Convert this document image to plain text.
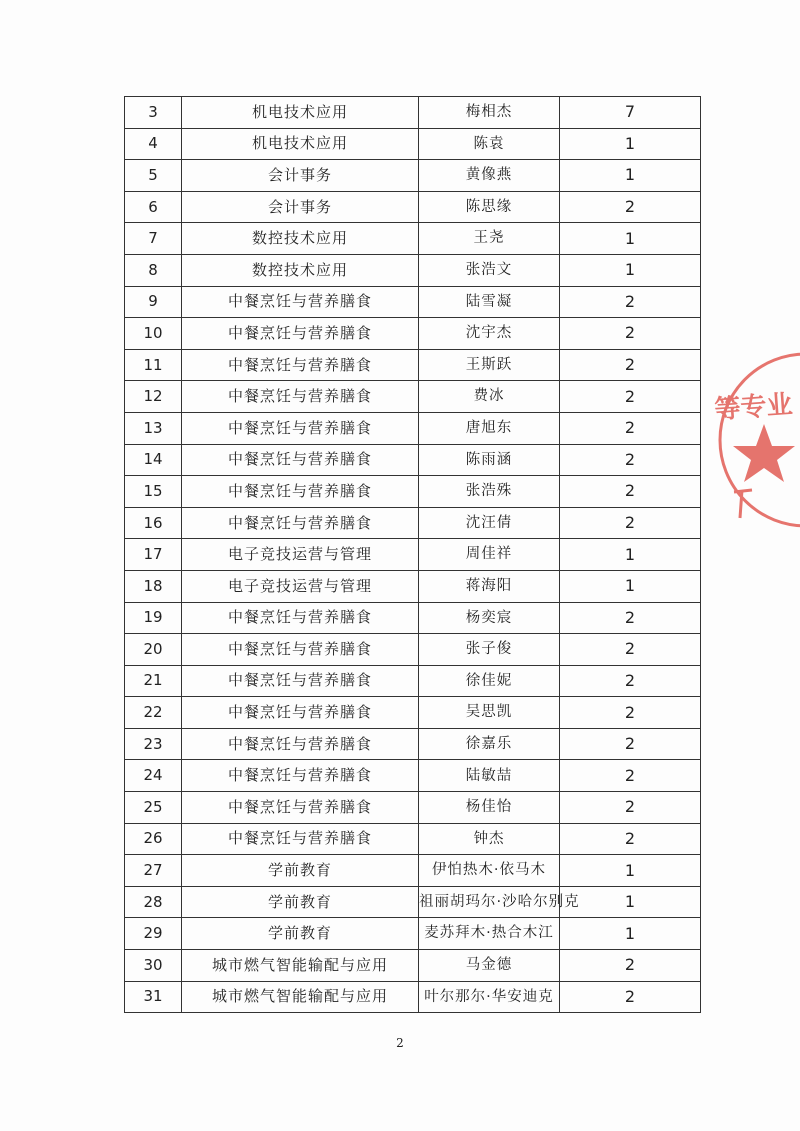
3	机电技术应用	梅相杰	7
4	机电技术应用	陈袁	1
5	会计事务	黄像燕	1
6	会计事务	陈思缘	2
7	数控技术应用	王尧	1
8	数控技术应用	张浩文	1
9	中餐烹饪与营养膳食	陆雪凝	2
10	中餐烹饪与营养膳食	沈宇杰	2
11	中餐烹饪与营养膳食	王斯跃	2
12	中餐烹饪与营养膳食	费冰	2
13	中餐烹饪与营养膳食	唐旭东	2
14	中餐烹饪与营养膳食	陈雨涵	2
15	中餐烹饪与营养膳食	张浩殊	2
16	中餐烹饪与营养膳食	沈汪倩	2
17	电子竞技运营与管理	周佳祥	1
18	电子竞技运营与管理	蒋海阳	1
19	中餐烹饪与营养膳食	杨奕宸	2
20	中餐烹饪与营养膳食	张子俊	2
21	中餐烹饪与营养膳食	徐佳妮	2
22	中餐烹饪与营养膳食	吴思凯	2
23	中餐烹饪与营养膳食	徐嘉乐	2
24	中餐烹饪与营养膳食	陆敏喆	2
25	中餐烹饪与营养膳食	杨佳怡	2
26	中餐烹饪与营养膳食	钟杰	2
27	学前教育	伊怕热木·依马木	1
28	学前教育	祖丽胡玛尔·沙哈尔别克	1
29	学前教育	麦苏拜木·热合木江	1
30	城市燃气智能输配与应用	马金德	2
31	城市燃气智能输配与应用	叶尔那尔·华安迪克	2
等专业
2
